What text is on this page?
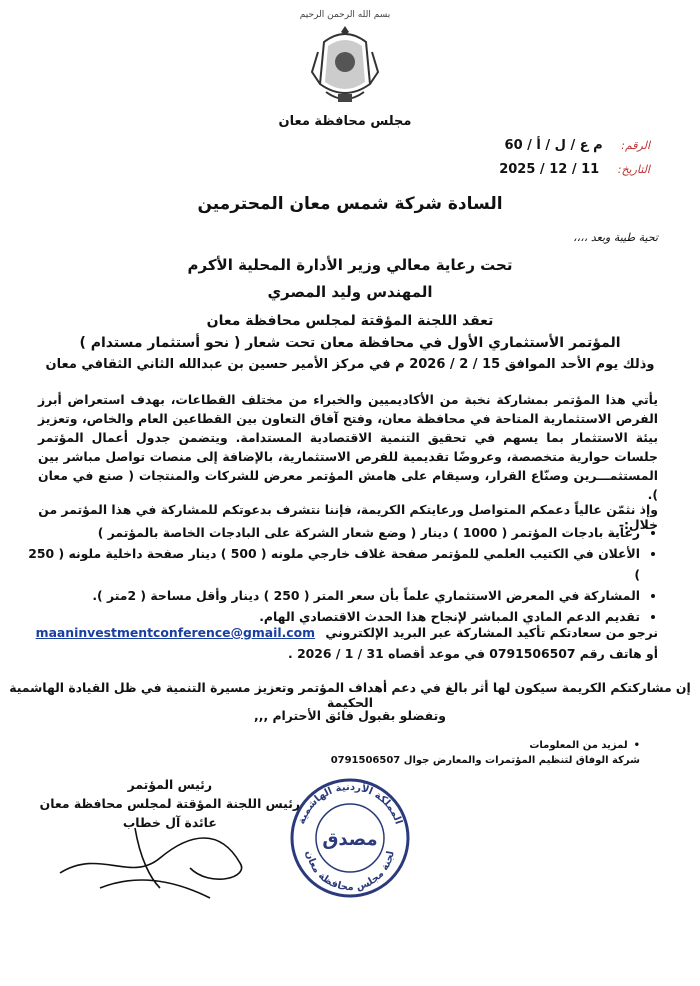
بسم الله الرحمن الرحيم
مجلس محافظة معان
الرقم: م ع / ل / أ / 60
التاريخ: 11 / 12 / 2025
السادة شركة شمس معان المحترمين
تحية طيبة وبعد ،،،،
تحت رعاية معالي وزير الأدارة المحلية الأكرم
المهندس وليد المصري
تعقد اللجنة المؤقتة لمجلس محافظة معان
المؤتمر الأستثماري الأول في محافظة معان تحت شعار ( نحو أستثمار مستدام )
وذلك يوم الأحد الموافق 15 / 2 / 2026 م في مركز الأمير حسين بن عبدالله الثاني الثقافي معان
يأتي هذا المؤتمر بمشاركة نخبة من الأكاديميين والخبراء من مختلف القطاعات، بهدف استعراض أبرز الفرص الاستثمارية المتاحة في محافظة معان، وفتح آفاق التعاون بين القطاعين العام والخاص، وتعزيز بيئة الاستثمار بما يسهم في تحقيق التنمية الاقتصادية المستدامة. ويتضمن جدول أعمال المؤتمر جلسات حوارية متخصصة، وعروضًا تقديمية للفرص الاستثمارية، بالإضافة إلى منصات تواصل مباشر بين المستثمـــرين وصنّاع القرار، وسيقام على هامش المؤتمر معرض للشركات والمنتجات ( صنع في معان ).
وإذ نثمّن عالياً دعمكم المتواصل ورعايتكم الكريمة، فإننا نتشرف بدعوتكم للمشاركة في هذا المؤتمر من خلال:-
• رعاية بادجات المؤتمر ( 1000 ) دينار ( وضع شعار الشركة على البادجات الخاصة بالمؤتمر )
• الأعلان في الكتيب العلمي للمؤتمر صفحة غلاف خارجي ملونه ( 500 ) دينار صفحة داخلية ملونه ( 250 )
• المشاركة في المعرض الاستثماري علماً بأن سعر المتر ( 250 ) دينار وأقل مساحة ( 2متر ).
• تقديم الدعم المادي المباشر لإنجاح هذا الحدث الاقتصادي الهام.
نرجو من سعادتكم تأكيد المشاركة عبر البريد الإلكتروني maaninvestmentconference@gmail.com
أو هاتف رقم 0791506507 في موعد أقصاه 31 / 1 / 2026 .
إن مشاركتكم الكريمة سيكون لها أثر بالغ في دعم أهداف المؤتمر وتعزيز مسيرة التنمية في ظل القيادة الهاشمية الحكيمة
وتفضلو بقبول فائق الأحترام ,,,
•لمزيد من المعلومات
شركة الوفاق لتنظيم المؤتمرات والمعارض جوال 0791506507
رئيس المؤتمر
رئيس اللجنة المؤقتة لمجلس محافظة معان
عائدة آل خطاب	المملكة الأردنية الهاشمية
لجنة مجلس محافظة معان
مصدق
